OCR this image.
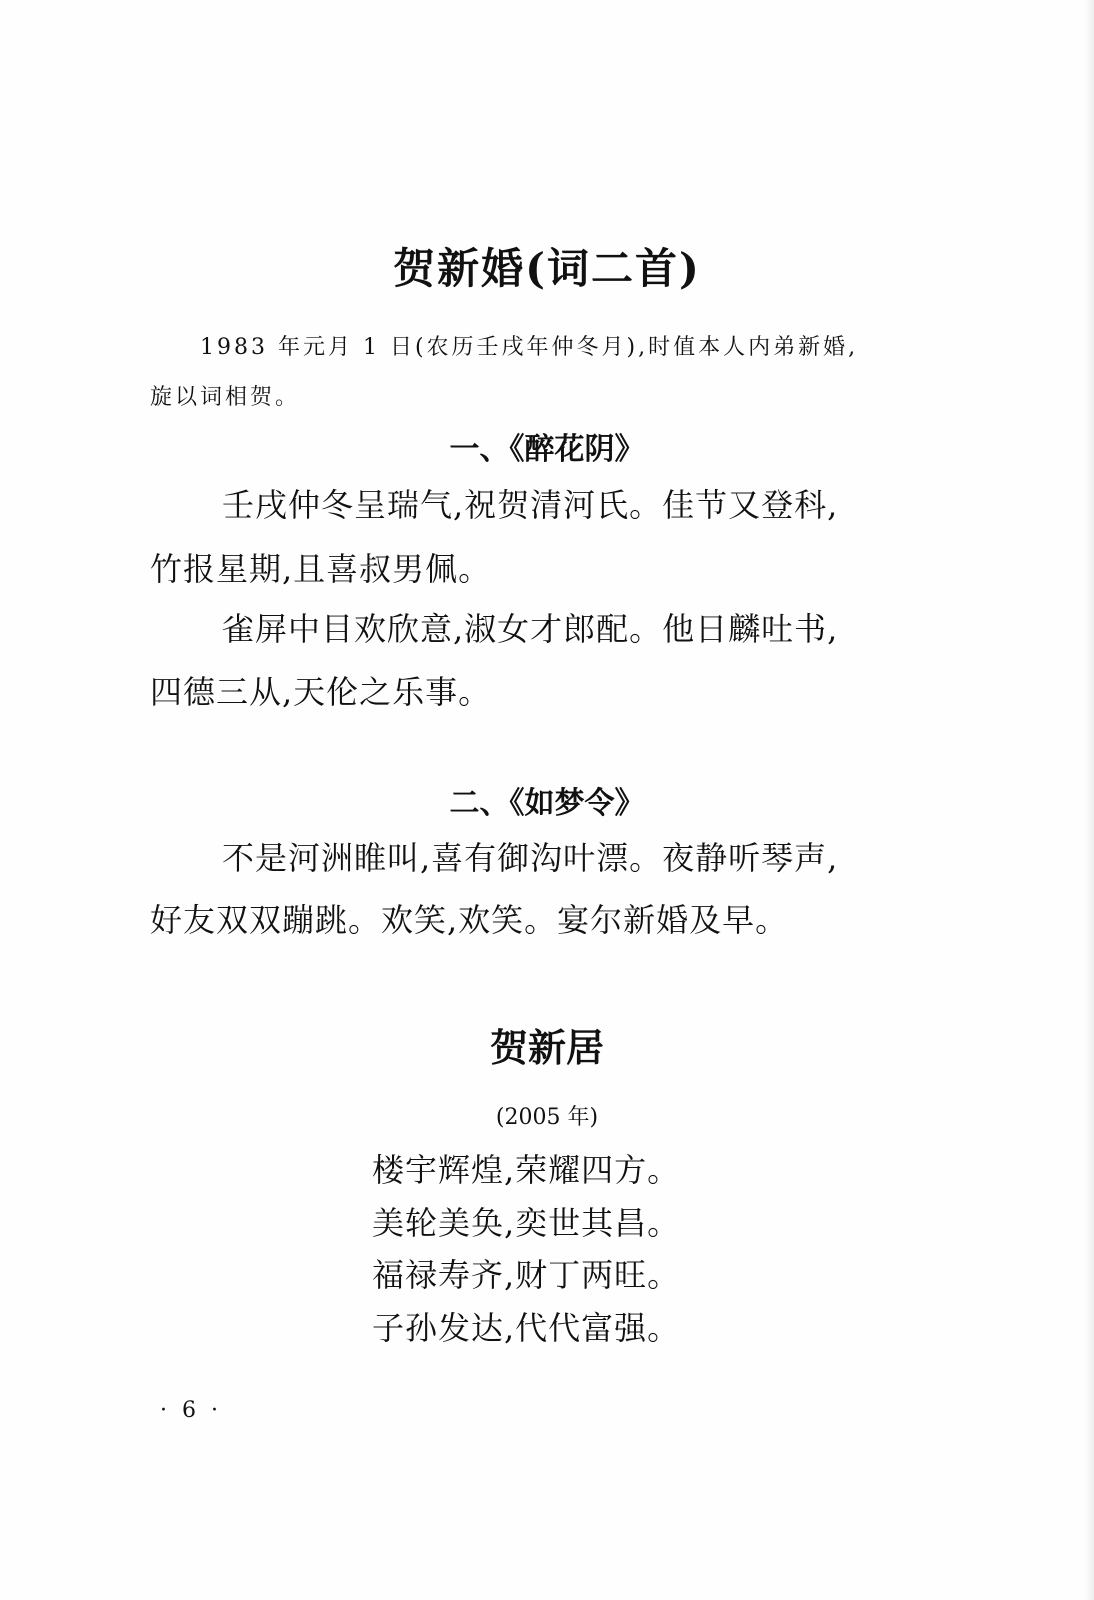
贺新婚(词二首)
1983 年元月 1 日(农历壬戌年仲冬月),时值本人内弟新婚,
旋以词相贺。
一、《醉花阴》
壬戌仲冬呈瑞气,祝贺清河氏。佳节又登科,
竹报星期,且喜叔男佩。
雀屏中目欢欣意,淑女才郎配。他日麟吐书,
四德三从,天伦之乐事。
二、《如梦令》
不是河洲睢叫,喜有御沟叶漂。夜静听琴声,
好友双双蹦跳。欢笑,欢笑。宴尔新婚及早。
贺新居
(2005 年)
楼宇辉煌,荣耀四方。
美轮美奂,奕世其昌。
福禄寿齐,财丁两旺。
子孙发达,代代富强。
· 6 ·
